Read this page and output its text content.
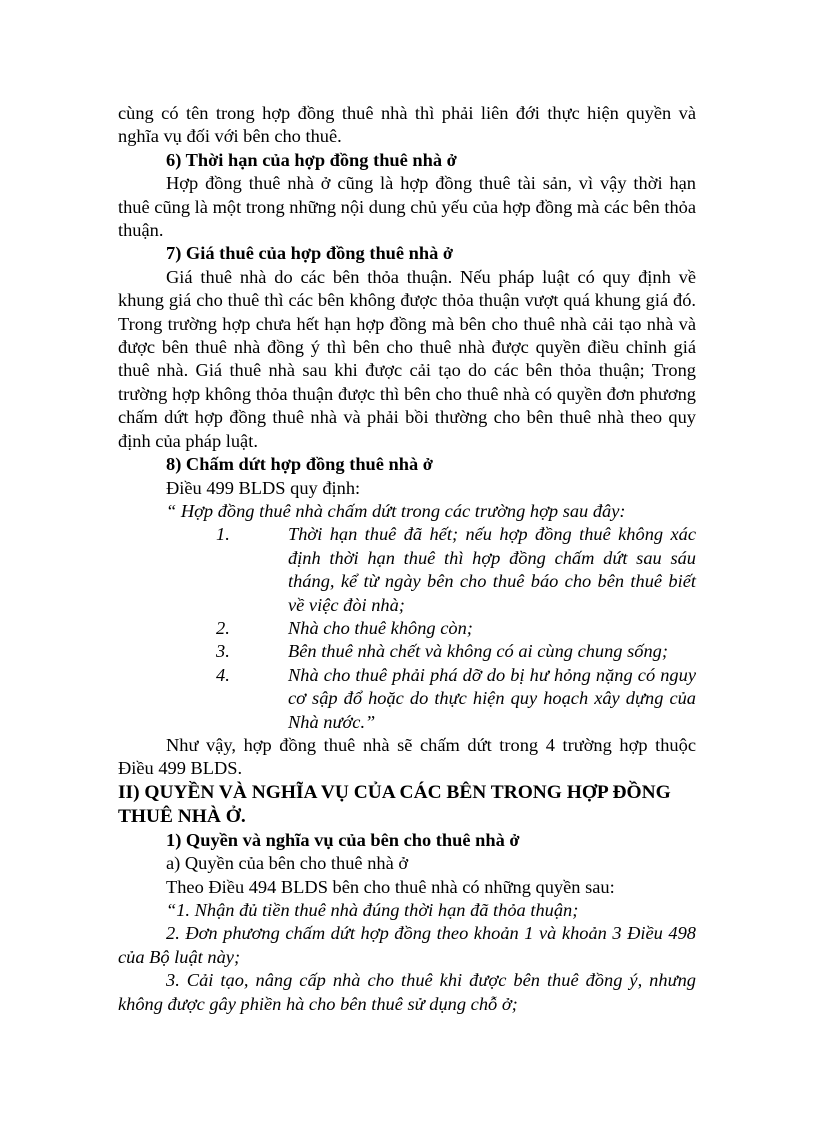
cùng có tên trong hợp đồng thuê nhà thì phải liên đới thực hiện quyền và nghĩa vụ đối với bên cho thuê.

6) Thời hạn của hợp đồng thuê nhà ở

Hợp đồng thuê nhà ở cũng là hợp đồng thuê tài sản, vì vậy thời hạn thuê cũng là một trong những nội dung chủ yếu của hợp đồng mà các bên thỏa thuận.

7) Giá thuê của hợp đồng thuê nhà ở

Giá thuê nhà do các bên thỏa thuận. Nếu pháp luật có quy định về khung giá cho thuê thì các bên không được thỏa thuận vượt quá khung giá đó. Trong trường hợp chưa hết hạn hợp đồng mà bên cho thuê nhà cải tạo nhà và được bên thuê nhà đồng ý thì bên cho thuê nhà được quyền điều chỉnh giá thuê nhà. Giá thuê nhà sau khi được cải tạo do các bên thỏa thuận; Trong trường hợp không thỏa thuận được thì bên cho thuê nhà có quyền đơn phương chấm dứt hợp đồng thuê nhà và phải bồi thường cho bên thuê nhà theo quy định của pháp luật.

8) Chấm dứt hợp đồng thuê nhà ở

Điều 499 BLDS quy định:

“ Hợp đồng thuê nhà chấm dứt trong các trường hợp sau đây:

1.	Thời hạn thuê đã hết; nếu hợp đồng thuê không xác định thời hạn thuê thì hợp đồng chấm dứt sau sáu tháng, kể từ ngày bên cho thuê báo cho bên thuê biết về việc đòi nhà;
2.	Nhà cho thuê không còn;
3.	Bên thuê nhà chết và không có ai cùng chung sống;
4.	Nhà cho thuê phải phá dỡ do bị hư hỏng nặng có nguy cơ sập đổ hoặc do thực hiện quy hoạch xây dựng của Nhà nước.”

Như vậy, hợp đồng thuê nhà sẽ chấm dứt trong 4 trường hợp thuộc Điều 499 BLDS.

II) QUYỀN VÀ NGHĨA VỤ CỦA CÁC BÊN TRONG HỢP ĐỒNG THUÊ NHÀ Ở.

1) Quyền và nghĩa vụ của bên cho thuê nhà ở

a) Quyền của bên cho thuê nhà ở

Theo Điều 494 BLDS bên cho thuê nhà có những quyền sau:

“1. Nhận đủ tiền thuê nhà đúng thời hạn đã thỏa thuận;

2. Đơn phương chấm dứt hợp đồng theo khoản 1 và khoản 3 Điều 498 của Bộ luật này;

3. Cải tạo, nâng cấp nhà cho thuê khi được bên thuê đồng ý, nhưng không được gây phiền hà cho bên thuê sử dụng chỗ ở;
